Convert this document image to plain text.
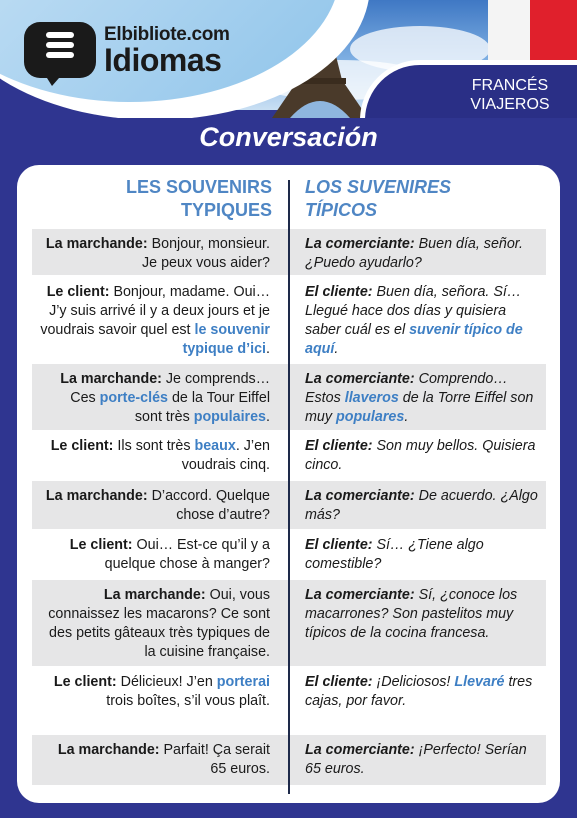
Elbibliote.com
Idiomas
FRANCÉS
VIAJEROS
Conversación
LES SOUVENIRS
TYPIQUES
LOS SUVENIRES
TÍPICOS
La marchande: Bonjour, monsieur. Je peux vous aider?
La comerciante: Buen día, señor. ¿Puedo ayudarlo?
Le client: Bonjour, madame. Oui… J’y suis arrivé il y a deux jours et je voudrais savoir quel est le souvenir typique d’ici.
El cliente: Buen día, señora. Sí… Llegué hace dos días y quisiera saber cuál es el suvenir típico de aquí.
La marchande: Je comprends… Ces porte-clés de la Tour Eiffel sont très populaires.
La comerciante: Comprendo… Estos llaveros de la Torre Eiffel son muy populares.
Le client: Ils sont très beaux. J’en voudrais cinq.
El cliente: Son muy bellos. Quisiera cinco.
La marchande: D’accord. Quelque chose d’autre?
La comerciante: De acuerdo. ¿Algo más?
Le client: Oui… Est-ce qu’il y a quelque chose à manger?
El cliente: Sí… ¿Tiene algo comestible?
La marchande: Oui, vous connaissez les macarons? Ce sont des petits gâteaux très typiques de la cuisine française.
La comerciante: Sí, ¿conoce los macarrones? Son pastelitos muy típicos de la cocina francesa.
Le client: Délicieux! J’en porterai trois boîtes, s’il vous plaît.
El cliente: ¡Deliciosos! Llevaré tres cajas, por favor.
La marchande: Parfait! Ça serait 65 euros.
La comerciante: ¡Perfecto! Serían 65 euros.
